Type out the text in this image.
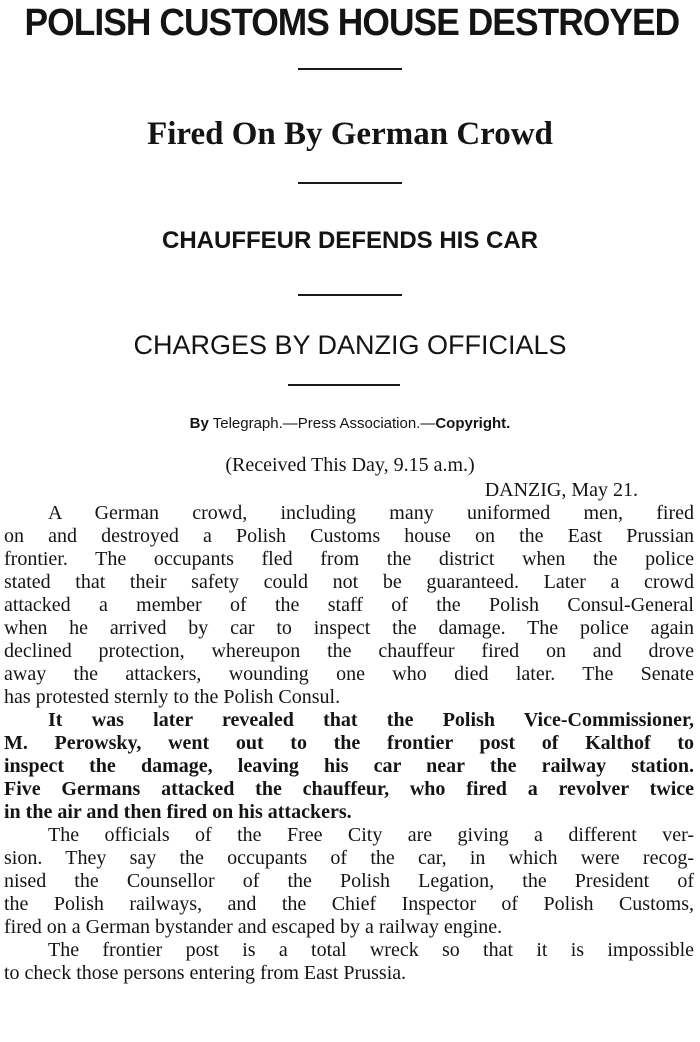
POLISH CUSTOMS HOUSE DESTROYED
Fired On By German Crowd
CHAUFFEUR DEFENDS HIS CAR
CHARGES BY DANZIG OFFICIALS
By Telegraph.—Press Association.—Copyright.
(Received This Day, 9.15 a.m.)
DANZIG, May 21.
A German crowd, including many uniformed men, fired
on and destroyed a Polish Customs house on the East Prussian
frontier. The occupants fled from the district when the police
stated that their safety could not be guaranteed. Later a crowd
attacked a member of the staff of the Polish Consul-General
when he arrived by car to inspect the damage. The police again
declined protection, whereupon the chauffeur fired on and drove
away the attackers, wounding one who died later. The Senate
has protested sternly to the Polish Consul.
It was later revealed that the Polish Vice-Commissioner,
M. Perowsky, went out to the frontier post of Kalthof to
inspect the damage, leaving his car near the railway station.
Five Germans attacked the chauffeur, who fired a revolver twice
in the air and then fired on his attackers.
The officials of the Free City are giving a different ver-
sion. They say the occupants of the car, in which were recog-
nised the Counsellor of the Polish Legation, the President of
the Polish railways, and the Chief Inspector of Polish Customs,
fired on a German bystander and escaped by a railway engine.
The frontier post is a total wreck so that it is impossible
to check those persons entering from East Prussia.
